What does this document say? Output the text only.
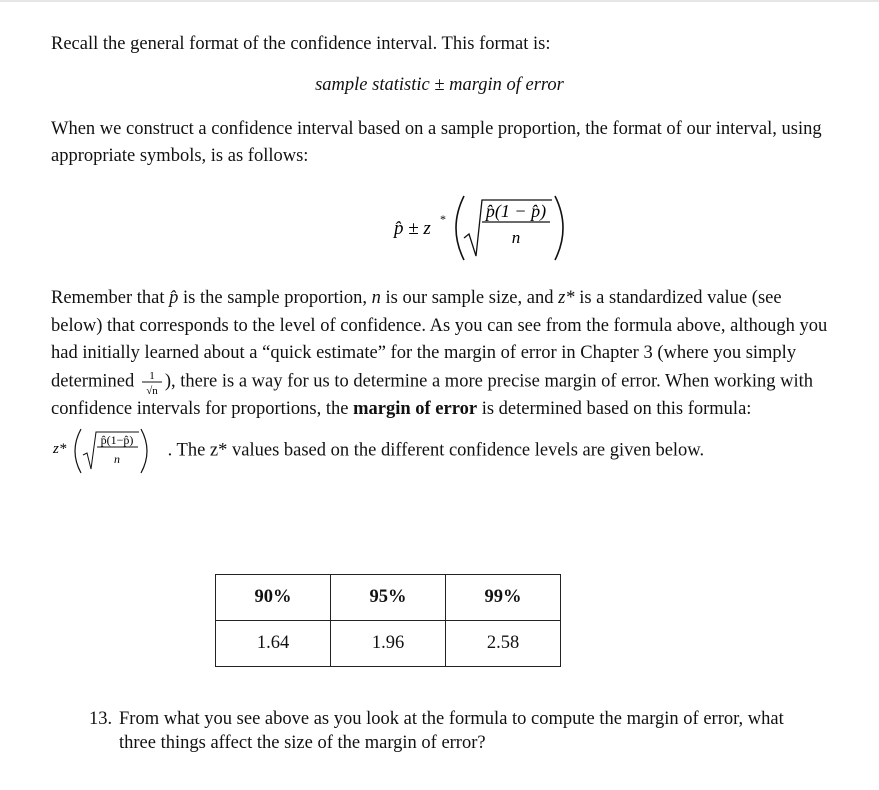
Recall the general format of the confidence interval. This format is:
sample statistic ± margin of error
When we construct a confidence interval based on a sample proportion, the format of our interval, using appropriate symbols, is as follows:
p̂ ± z * p̂(1 − p̂)
n
Remember that p̂ is the sample proportion, n is our sample size, and z* is a standardized value (see below) that corresponds to the level of confidence. As you can see from the formula above, although you had initially learned about a “quick estimate” for the margin of error in Chapter 3 (where you simply determined 1
√n ), there is a way for us to determine a more precise margin of error. When working with confidence intervals for proportions, the margin of error is determined based on this formula:
z*
p̂(1−p̂)
n . The z* values based on the different confidence levels are given below.
90%	95%	99%
1.64	1.96	2.58
13. From what you see above as you look at the formula to compute the margin of error, what three things affect the size of the margin of error?
